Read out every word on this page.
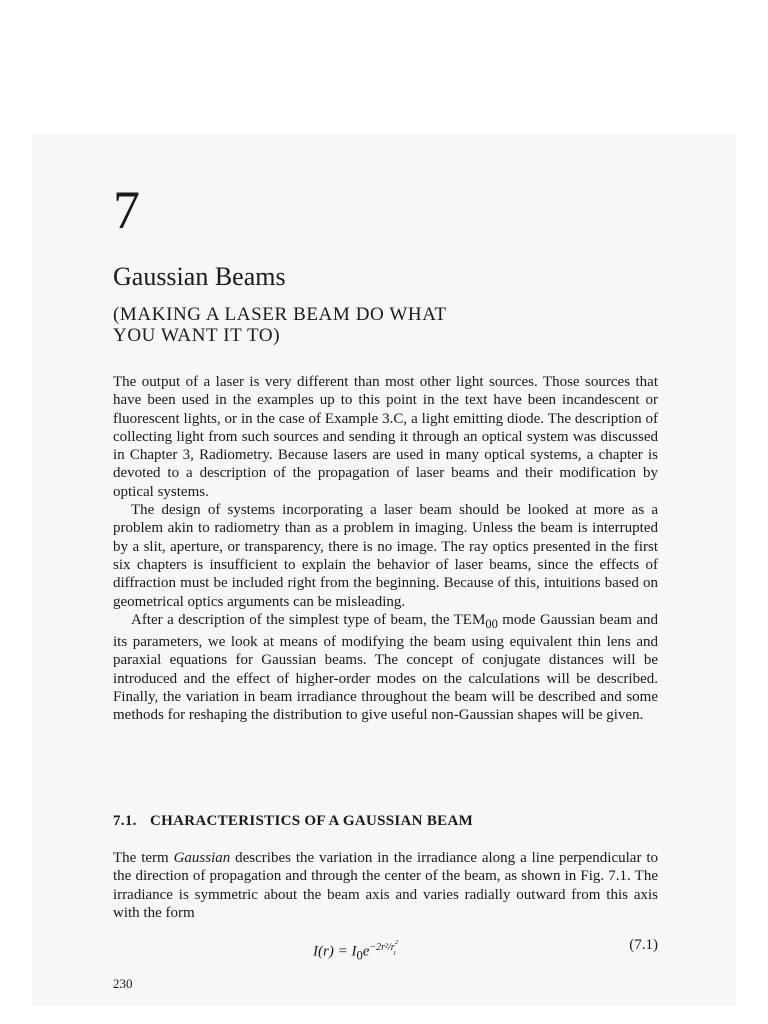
7
Gaussian Beams
(MAKING A LASER BEAM DO WHAT
YOU WANT IT TO)

The output of a laser is very different than most other light sources. Those sources that have been used in the examples up to this point in the text have been incandescent or fluorescent lights, or in the case of Example 3.C, a light emitting diode. The description of collecting light from such sources and sending it through an optical system was discussed in Chapter 3, Radiometry. Because lasers are used in many optical systems, a chapter is devoted to a description of the propagation of laser beams and their modification by optical systems.

The design of systems incorporating a laser beam should be looked at more as a problem akin to radiometry than as a problem in imaging. Unless the beam is interrupted by a slit, aperture, or transparency, there is no image. The ray optics presented in the first six chapters is insufficient to explain the behavior of laser beams, since the effects of diffraction must be included right from the beginning. Because of this, intuitions based on geometrical optics arguments can be misleading.

After a description of the simplest type of beam, the $TEM_{00}$ mode Gaussian beam and its parameters, we look at means of modifying the beam using equivalent thin lens and paraxial equations for Gaussian beams. The concept of conjugate distances will be introduced and the effect of higher-order modes on the calculations will be described. Finally, the variation in beam irradiance throughout the beam will be described and some methods for reshaping the distribution to give useful non-Gaussian shapes will be given.

7.1. CHARACTERISTICS OF A GAUSSIAN BEAM

The term Gaussian describes the variation in the irradiance along a line perpendicular to the direction of propagation and through the center of the beam, as shown in Fig. 7.1. The irradiance is symmetric about the beam axis and varies radially outward from this axis with the form

$I(r) = I_0e^{-2r^2/r^2_1}$
(7.1)
230
